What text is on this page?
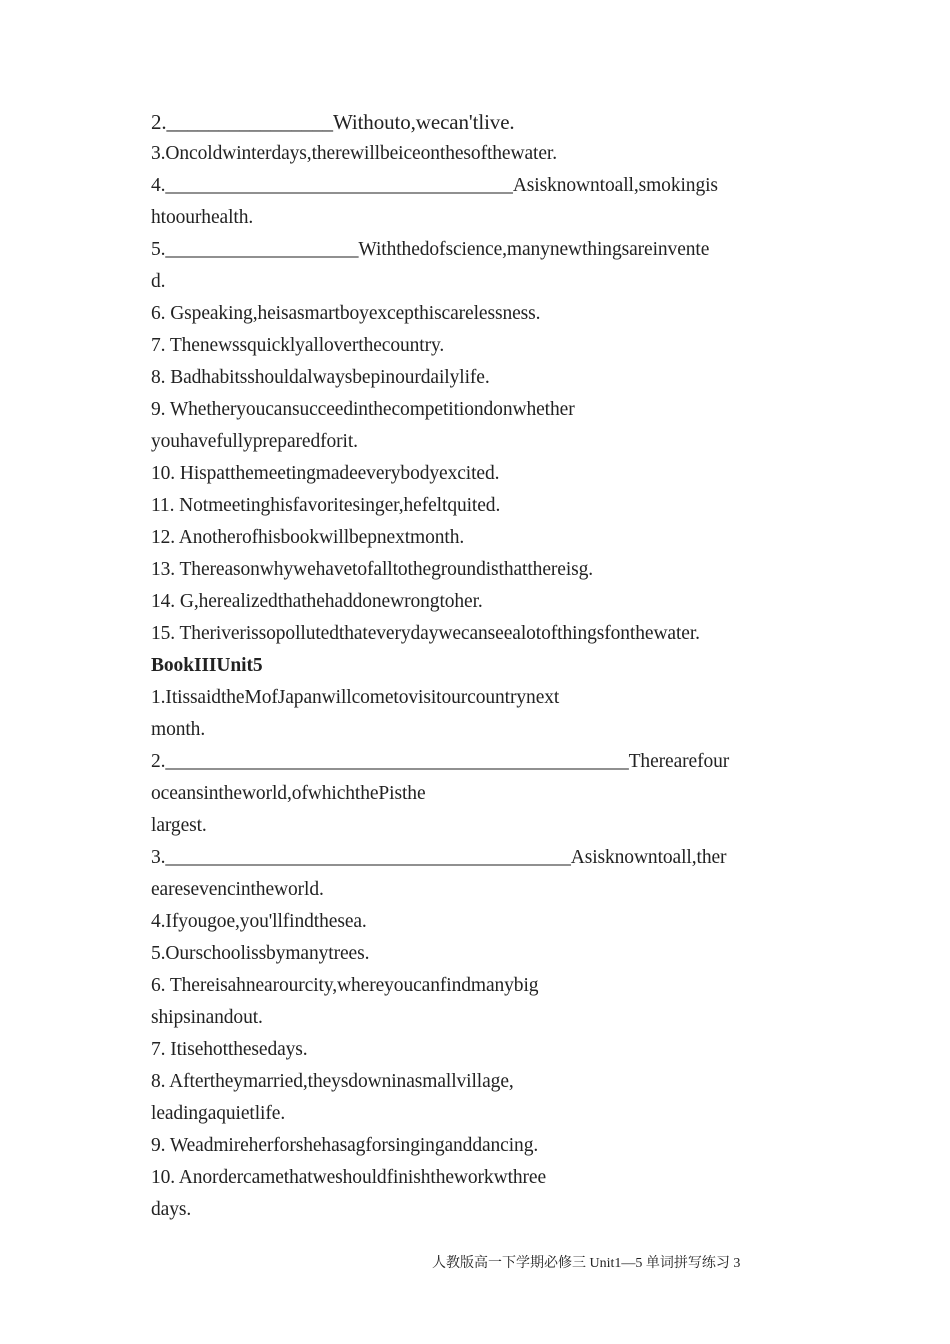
2.________________Withouto,wecan'tlive.
3.Oncoldwinterdays,therewillbeiceonthesofthewater.
4.____________________________________Asisknowntoall,smokingis
htoourhealth.
5.____________________Withthedofscience,manynewthingsareinvente
d.
6. Gspeaking,heisasmartboyexcepthiscarelessness.
7. Thenewssquicklyalloverthecountry.
8. Badhabitsshouldalwaysbepinourdailylife.
9. Whetheryoucansucceedinthecompetitiondonwhether
youhavefullypreparedforit.
10. Hispatthemeetingmadeeverybodyexcited.
11. Notmeetinghisfavoritesinger,hefeltquited.
12. Anotherofhisbookwillbepnextmonth.
13. Thereasonwhywehavetofalltothegroundisthatthereisg.
14. G,herealizedthathehaddonewrongtoher.
15. Theriverissopollutedthateverydaywecanseealotofthingsfonthewater.
BookIIIUnit5
1.ItissaidtheMofJapanwillcometovisitourcountrynext
month.
2.________________________________________________Therearefour
oceansintheworld,ofwhichthePisthe
largest.
3.__________________________________________Asisknowntoall,ther
earesevencintheworld.
4.Ifyougoe,you'llfindthesea.
5.Ourschoolissbymanytrees.
6. Thereisahnearourcity,whereyoucanfindmanybig
shipsinandout.
7. Itisehotthesedays.
8. Aftertheymarried,theysdowninasmallvillage,
leadingaquietlife.
9. Weadmireherforshehasagforsinginganddancing.
10. Anordercamethatweshouldfinishtheworkwthree
days.
人教版高一下学期必修三 Unit1—5 单词拼写练习 3
